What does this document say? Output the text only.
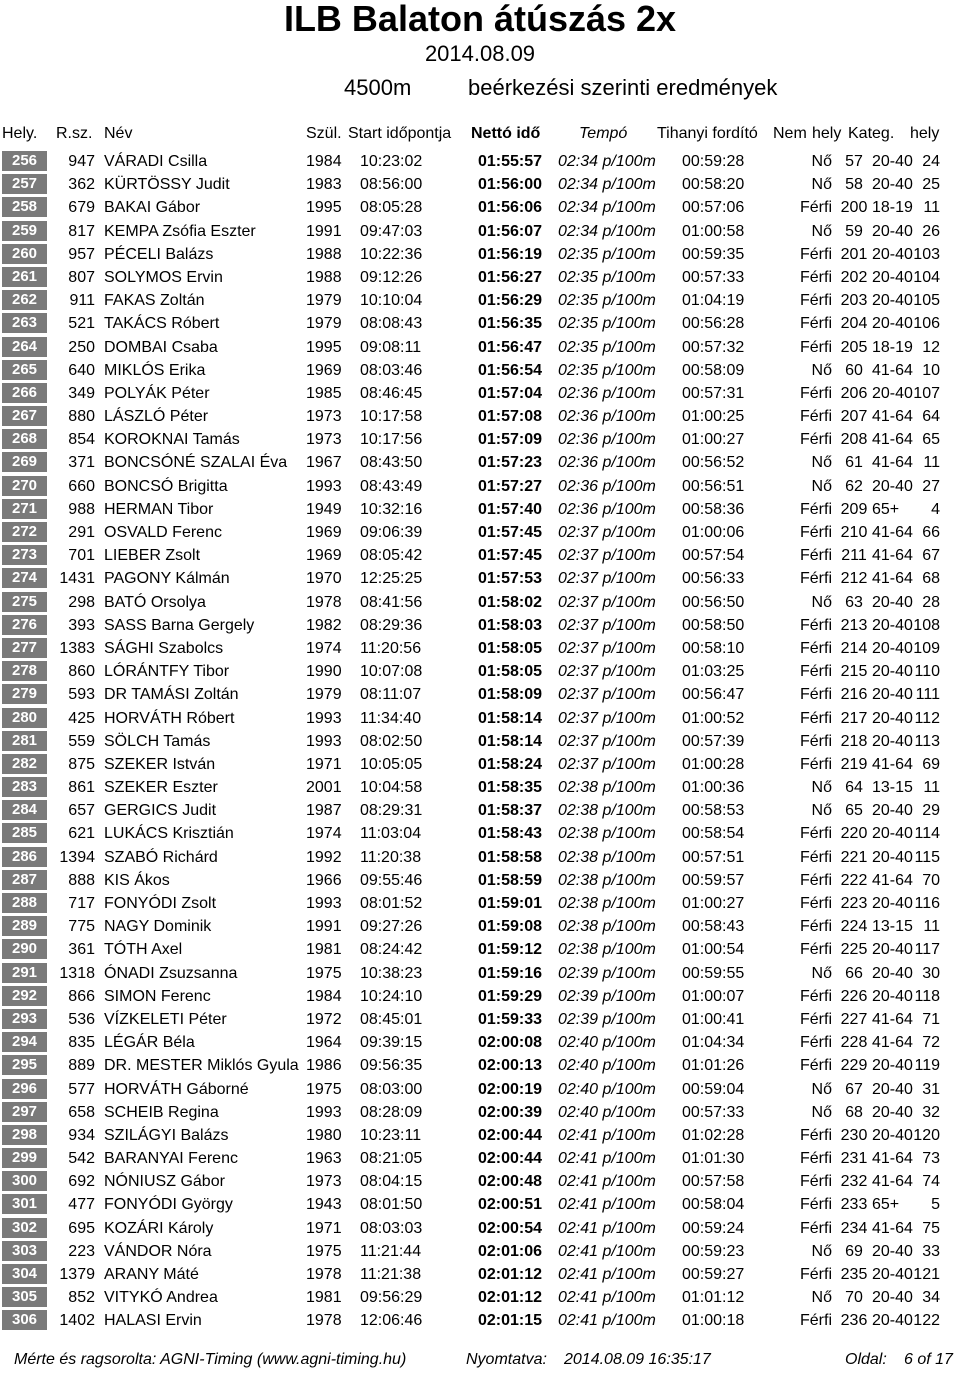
ILB Balaton átúszás 2x
2014.08.09
4500m	beérkezési szerinti eredmények
Hely. R.sz. Név	Szül. Start időpontja Nettó idő Tempó Tihanyi fordító Nem hely Kateg. hely
256	947 VÁRADI Csilla	1984	10:23:02	01:55:57 02:34 p/100m	00:59:28	Nő 57 20-40 24
257	362 KÜRTÖSSY Judit	1983	08:56:00	01:56:00 02:34 p/100m	00:58:20	Nő 58 20-40 25
258	679 BAKAI Gábor	1995	08:05:28	01:56:06 02:34 p/100m	00:57:06	Férfi 200 18-19 11
259	817 KEMPA Zsófia Eszter	1991	09:47:03	01:56:07 02:34 p/100m	01:00:58	Nő 59 20-40 26
260	957 PÉCELI Balázs	1988	10:22:36	01:56:19 02:35 p/100m	00:59:35	Férfi 201 20-40 103
261	807 SOLYMOS Ervin	1988	09:12:26	01:56:27 02:35 p/100m	00:57:33	Férfi 202 20-40 104
262	911 FAKAS Zoltán	1979	10:10:04	01:56:29 02:35 p/100m	01:04:19	Férfi 203 20-40 105
263	521 TAKÁCS Róbert	1979	08:08:43	01:56:35 02:35 p/100m	00:56:28	Férfi 204 20-40 106
264	250 DOMBAI Csaba	1995	09:08:11	01:56:47 02:35 p/100m	00:57:32	Férfi 205 18-19 12
265	640 MIKLÓS Erika	1969	08:03:46	01:56:54 02:35 p/100m	00:58:09	Nő 60 41-64 10
266	349 POLYÁK Péter	1985	08:46:45	01:57:04 02:36 p/100m	00:57:31	Férfi 206 20-40 107
267	880 LÁSZLÓ Péter	1973	10:17:58	01:57:08 02:36 p/100m	01:00:25	Férfi 207 41-64 64
268	854 KOROKNAI Tamás	1973	10:17:56	01:57:09 02:36 p/100m	01:00:27	Férfi 208 41-64 65
269	371 BONCSÓNÉ SZALAI Éva	1967	08:43:50	01:57:23 02:36 p/100m	00:56:52	Nő 61 41-64 11
270	660 BONCSÓ Brigitta	1993	08:43:49	01:57:27 02:36 p/100m	00:56:51	Nő 62 20-40 27
271	988 HERMAN Tibor	1949	10:32:16	01:57:40 02:36 p/100m	00:58:36	Férfi 209 65+	4
272	291 OSVALD Ferenc	1969	09:06:39	01:57:45 02:37 p/100m	01:00:06	Férfi 210 41-64 66
273	701 LIEBER Zsolt	1969	08:05:42	01:57:45 02:37 p/100m	00:57:54	Férfi 211 41-64 67
274	1431 PAGONY Kálmán	1970	12:25:25	01:57:53 02:37 p/100m	00:56:33	Férfi 212 41-64 68
275	298 BATÓ Orsolya	1978	08:41:56	01:58:02 02:37 p/100m	00:56:50	Nő 63 20-40 28
276	393 SASS Barna Gergely	1982	08:29:36	01:58:03 02:37 p/100m	00:58:50	Férfi 213 20-40 108
277	1383 SÁGHI Szabolcs	1974	11:20:56	01:58:05 02:37 p/100m	00:58:10	Férfi 214 20-40 109
278	860 LÓRÁNTFY Tibor	1990	10:07:08	01:58:05 02:37 p/100m	01:03:25	Férfi 215 20-40 110
279	593 DR TAMÁSI Zoltán	1979	08:11:07	01:58:09 02:37 p/100m	00:56:47	Férfi 216 20-40 111
280	425 HORVÁTH Róbert	1993	11:34:40	01:58:14 02:37 p/100m	01:00:52	Férfi 217 20-40 112
281	559 SÖLCH Tamás	1993	08:02:50	01:58:14 02:37 p/100m	00:57:39	Férfi 218 20-40 113
282	875 SZEKER István	1971	10:05:05	01:58:24 02:37 p/100m	01:00:28	Férfi 219 41-64 69
283	861 SZEKER Eszter	2001	10:04:58	01:58:35 02:38 p/100m	01:00:36	Nő 64 13-15 11
284	657 GERGICS Judit	1987	08:29:31	01:58:37 02:38 p/100m	00:58:53	Nő 65 20-40 29
285	621 LUKÁCS Krisztián	1974	11:03:04	01:58:43 02:38 p/100m	00:58:54	Férfi 220 20-40 114
286	1394 SZABÓ Richárd	1992	11:20:38	01:58:58 02:38 p/100m	00:57:51	Férfi 221 20-40 115
287	888 KIS Ákos	1966	09:55:46	01:58:59 02:38 p/100m	00:59:57	Férfi 222 41-64 70
288	717 FONYÓDI Zsolt	1993	08:01:52	01:59:01 02:38 p/100m	01:00:27	Férfi 223 20-40 116
289	775 NAGY Dominik	1991	09:27:26	01:59:08 02:38 p/100m	00:58:43	Férfi 224 13-15 11
290	361 TÓTH Axel	1981	08:24:42	01:59:12 02:38 p/100m	01:00:54	Férfi 225 20-40 117
291	1318 ÓNADI Zsuzsanna	1975	10:38:23	01:59:16 02:39 p/100m	00:59:55	Nő 66 20-40 30
292	866 SIMON Ferenc	1984	10:24:10	01:59:29 02:39 p/100m	01:00:07	Férfi 226 20-40 118
293	536 VÍZKELETI Péter	1972	08:45:01	01:59:33 02:39 p/100m	01:00:41	Férfi 227 41-64 71
294	835 LÉGÁR Béla	1964	09:39:15	02:00:08 02:40 p/100m	01:04:34	Férfi 228 41-64 72
295	889 DR. MESTER Miklós Gyula 1986	09:56:35	02:00:13 02:40 p/100m	01:01:26	Férfi 229 20-40 119
296	577 HORVÁTH Gáborné	1975	08:03:00	02:00:19 02:40 p/100m	00:59:04	Nő 67 20-40 31
297	658 SCHEIB Regina	1993	08:28:09	02:00:39 02:40 p/100m	00:57:33	Nő 68 20-40 32
298	934 SZILÁGYI Balázs	1980	10:23:11	02:00:44 02:41 p/100m	01:02:28	Férfi 230 20-40 120
299	542 BARANYAI Ferenc	1963	08:21:05	02:00:44 02:41 p/100m	01:01:30	Férfi 231 41-64 73
300	692 NÓNIUSZ Gábor	1973	08:04:15	02:00:48 02:41 p/100m	00:57:58	Férfi 232 41-64 74
301	477 FONYÓDI György	1943	08:01:50	02:00:51 02:41 p/100m	00:58:04	Férfi 233 65+	5
302	695 KOZÁRI Károly	1971	08:03:03	02:00:54 02:41 p/100m	00:59:24	Férfi 234 41-64 75
303	223 VÁNDOR Nóra	1975	11:21:44	02:01:06 02:41 p/100m	00:59:23	Nő 69 20-40 33
304	1379 ARANY Máté	1978	11:21:38	02:01:12 02:41 p/100m	00:59:27	Férfi 235 20-40 121
305	852 VITYKÓ Andrea	1981	09:56:29	02:01:12 02:41 p/100m	01:01:12	Nő 70 20-40 34
306	1402 HALASI Ervin	1978	12:06:46	02:01:15 02:41 p/100m	01:00:18	Férfi 236 20-40 122
Mérte és ragsorolta: AGNI-Timing (www.agni-timing.hu)	Nyomtatva: 2014.08.09 16:35:17	Oldal: 6 of 17
